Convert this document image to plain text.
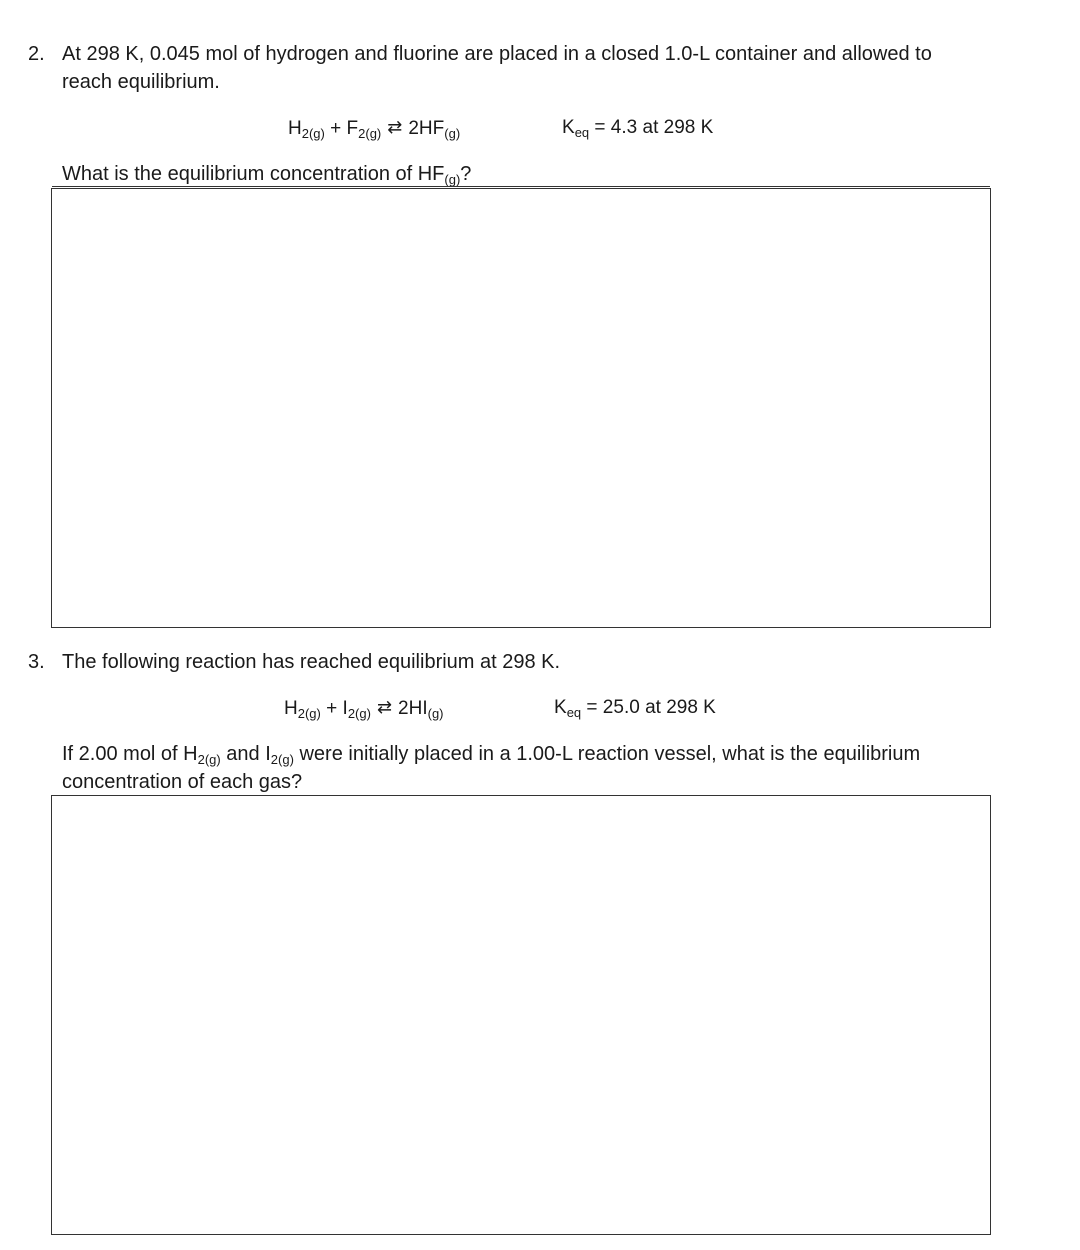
2. At 298 K, 0.045 mol of hydrogen and fluorine are placed in a closed 1.0-L container and allowed to
reach equilibrium.
$H_{2(g)} + F_{2(g)}$ ⇄ $2HF_{(g)}$	$K_{eq} = 4.3$ at 298 K
What is the equilibrium concentration of $HF_{(g)}$?
3. The following reaction has reached equilibrium at 298 K.
$H_{2(g)} + I_{2(g)}$ ⇄ $2HI_{(g)}$	$K_{eq} = 25.0$ at 298 K
If 2.00 mol of $H_{2(g)}$ and $I_{2(g)}$ were initially placed in a 1.00-L reaction vessel, what is the equilibrium
concentration of each gas?
